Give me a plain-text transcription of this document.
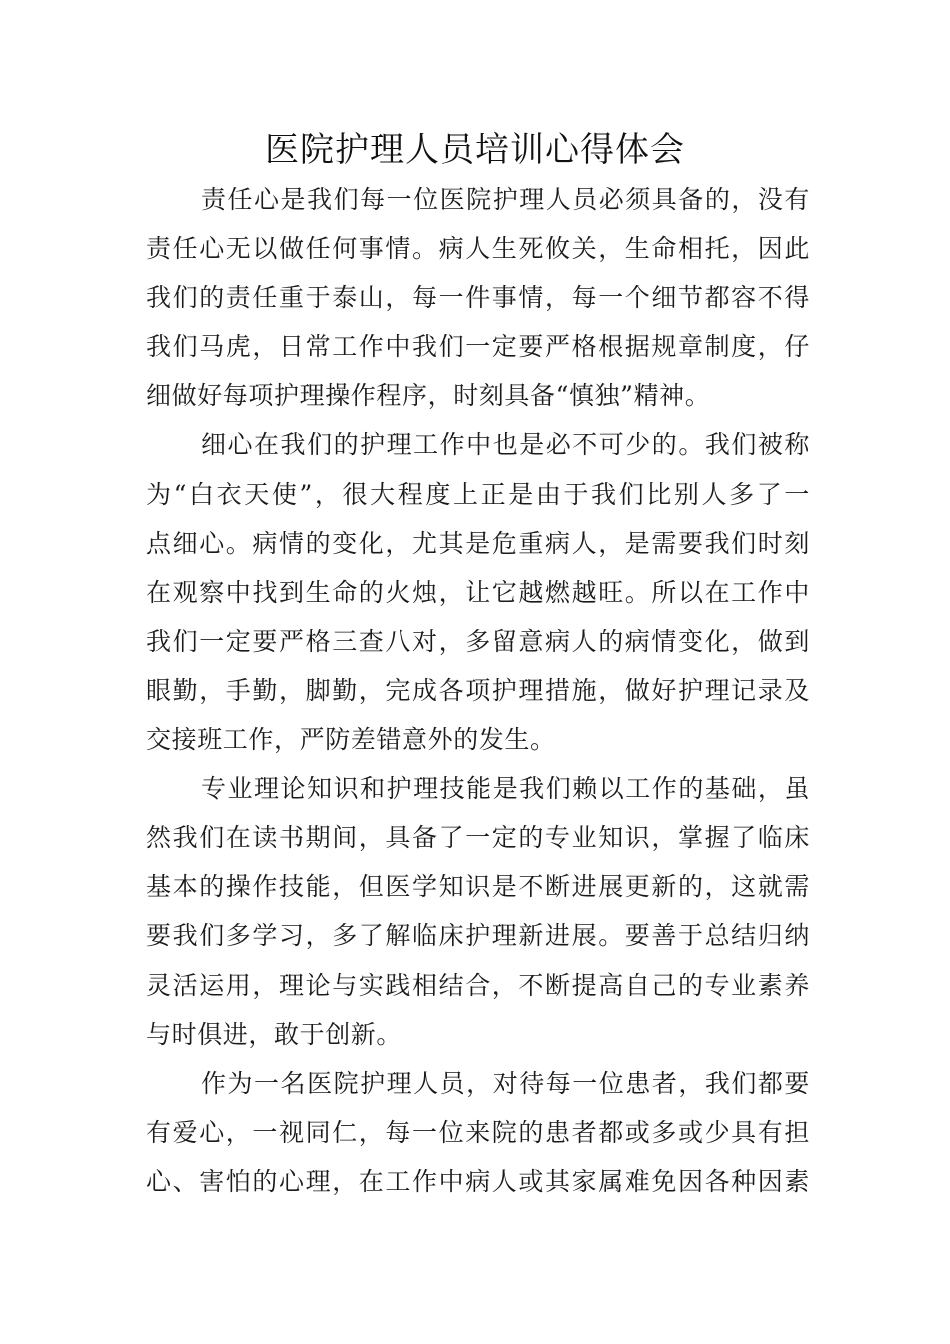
医院护理人员培训心得体会
责任心是我们每一位医院护理人员必须具备的，没有
责任心无以做任何事情。病人生死攸关，生命相托，因此
我们的责任重于泰山，每一件事情，每一个细节都容不得
我们马虎，日常工作中我们一定要严格根据规章制度，仔
细做好每项护理操作程序，时刻具备“慎独”精神。
细心在我们的护理工作中也是必不可少的。我们被称
为“白衣天使”，很大程度上正是由于我们比别人多了一
点细心。病情的变化，尤其是危重病人，是需要我们时刻
在观察中找到生命的火烛，让它越燃越旺。所以在工作中
我们一定要严格三查八对，多留意病人的病情变化，做到
眼勤，手勤，脚勤，完成各项护理措施，做好护理记录及
交接班工作，严防差错意外的发生。
专业理论知识和护理技能是我们赖以工作的基础，虽
然我们在读书期间，具备了一定的专业知识，掌握了临床
基本的操作技能，但医学知识是不断进展更新的，这就需
要我们多学习，多了解临床护理新进展。要善于总结归纳
灵活运用，理论与实践相结合，不断提高自己的专业素养
与时俱进，敢于创新。
作为一名医院护理人员，对待每一位患者，我们都要
有爱心，一视同仁，每一位来院的患者都或多或少具有担
心、害怕的心理，在工作中病人或其家属难免因各种因素
